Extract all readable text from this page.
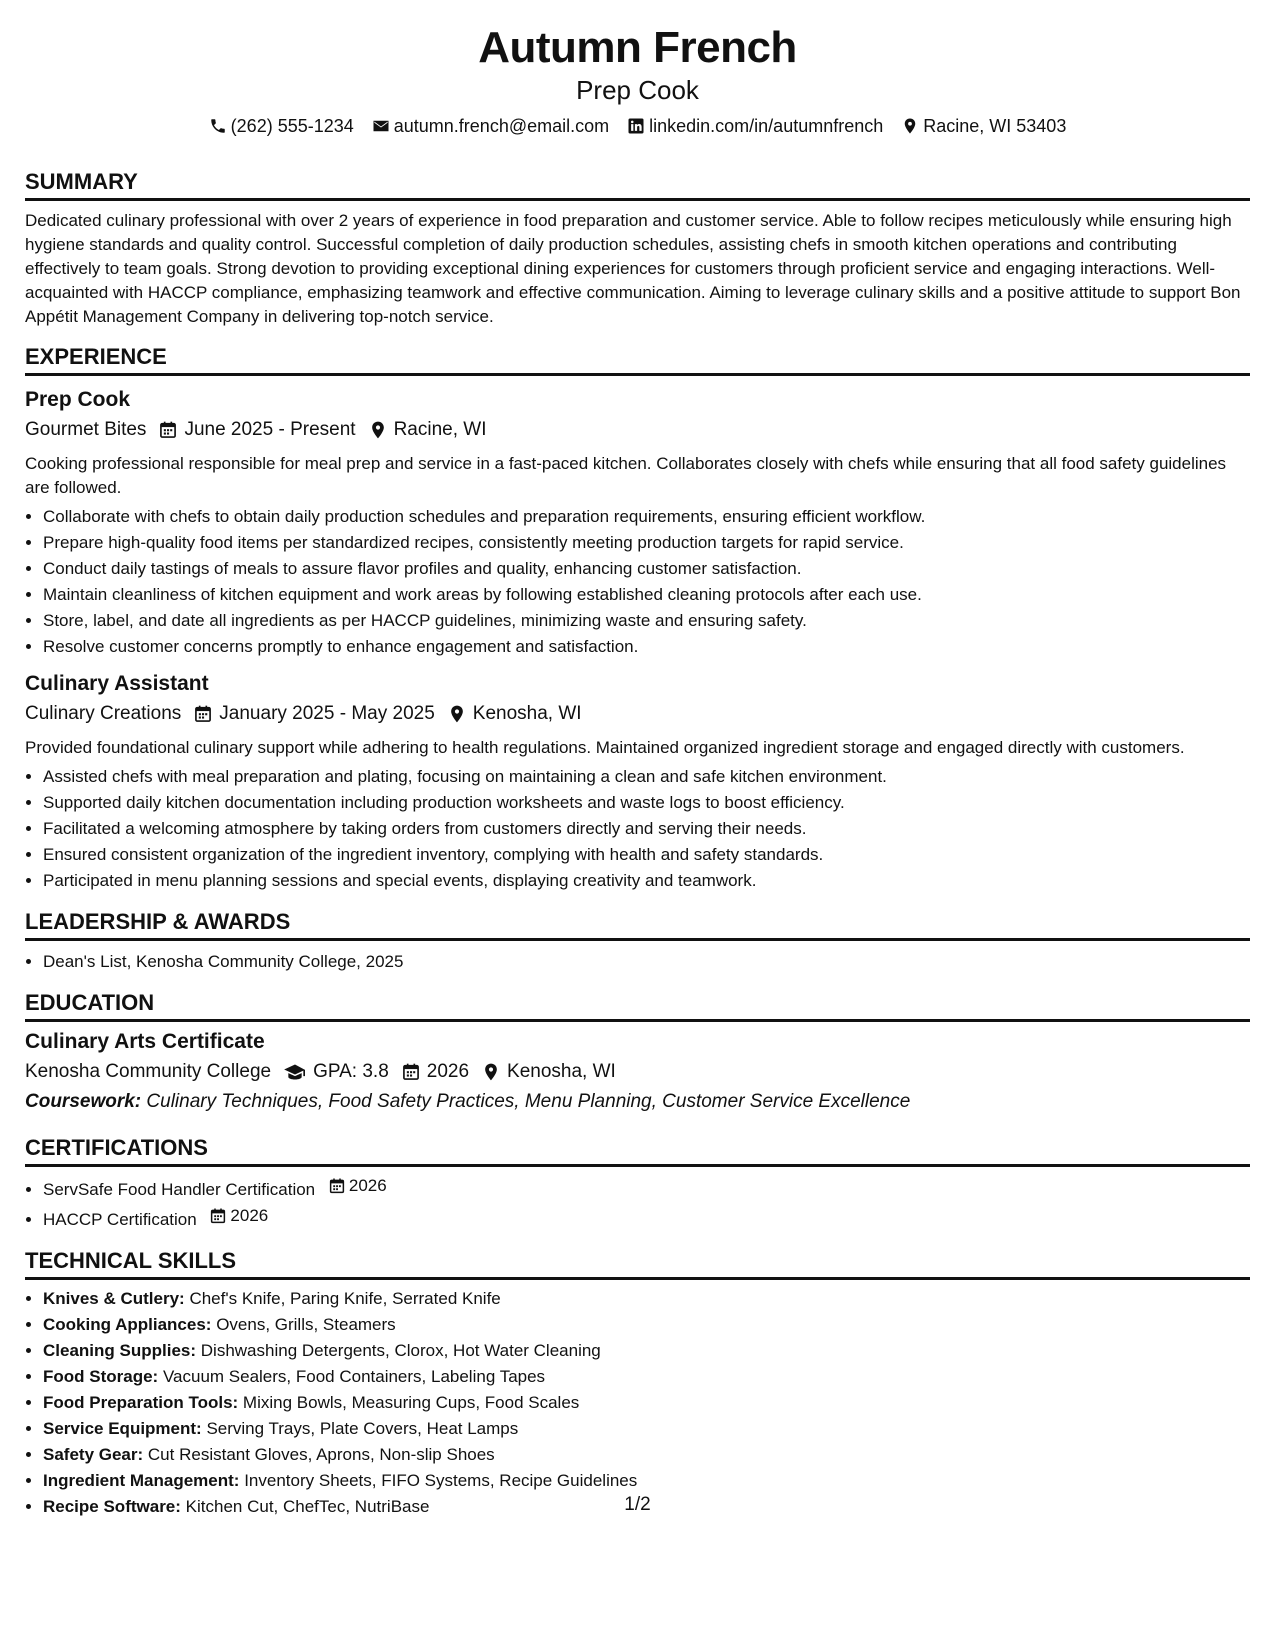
Autumn French
Prep Cook
(262) 555-1234 autumn.french@email.com linkedin.com/in/autumnfrench Racine, WI 53403
SUMMARY
Dedicated culinary professional with over 2 years of experience in food preparation and customer service. Able to follow recipes meticulously while ensuring high hygiene standards and quality control. Successful completion of daily production schedules, assisting chefs in smooth kitchen operations and contributing effectively to team goals. Strong devotion to providing exceptional dining experiences for customers through proficient service and engaging interactions. Well-acquainted with HACCP compliance, emphasizing teamwork and effective communication. Aiming to leverage culinary skills and a positive attitude to support Bon Appétit Management Company in delivering top-notch service.
EXPERIENCE
Prep Cook
Gourmet Bites June 2025 - Present Racine, WI
Cooking professional responsible for meal prep and service in a fast-paced kitchen. Collaborates closely with chefs while ensuring that all food safety guidelines are followed.
• Collaborate with chefs to obtain daily production schedules and preparation requirements, ensuring efficient workflow.
• Prepare high-quality food items per standardized recipes, consistently meeting production targets for rapid service.
• Conduct daily tastings of meals to assure flavor profiles and quality, enhancing customer satisfaction.
• Maintain cleanliness of kitchen equipment and work areas by following established cleaning protocols after each use.
• Store, label, and date all ingredients as per HACCP guidelines, minimizing waste and ensuring safety.
• Resolve customer concerns promptly to enhance engagement and satisfaction.
Culinary Assistant
Culinary Creations January 2025 - May 2025 Kenosha, WI
Provided foundational culinary support while adhering to health regulations. Maintained organized ingredient storage and engaged directly with customers.
• Assisted chefs with meal preparation and plating, focusing on maintaining a clean and safe kitchen environment.
• Supported daily kitchen documentation including production worksheets and waste logs to boost efficiency.
• Facilitated a welcoming atmosphere by taking orders from customers directly and serving their needs.
• Ensured consistent organization of the ingredient inventory, complying with health and safety standards.
• Participated in menu planning sessions and special events, displaying creativity and teamwork.
LEADERSHIP & AWARDS
• Dean's List, Kenosha Community College, 2025
EDUCATION
Culinary Arts Certificate
Kenosha Community College GPA: 3.8 2026 Kenosha, WI
Coursework: Culinary Techniques, Food Safety Practices, Menu Planning, Customer Service Excellence
CERTIFICATIONS
• ServSafe Food Handler Certification 2026
• HACCP Certification 2026
TECHNICAL SKILLS
• Knives & Cutlery: Chef's Knife, Paring Knife, Serrated Knife
• Cooking Appliances: Ovens, Grills, Steamers
• Cleaning Supplies: Dishwashing Detergents, Clorox, Hot Water Cleaning
• Food Storage: Vacuum Sealers, Food Containers, Labeling Tapes
• Food Preparation Tools: Mixing Bowls, Measuring Cups, Food Scales
• Service Equipment: Serving Trays, Plate Covers, Heat Lamps
• Safety Gear: Cut Resistant Gloves, Aprons, Non-slip Shoes
• Ingredient Management: Inventory Sheets, FIFO Systems, Recipe Guidelines
• Recipe Software: Kitchen Cut, ChefTec, NutriBase	1/2
